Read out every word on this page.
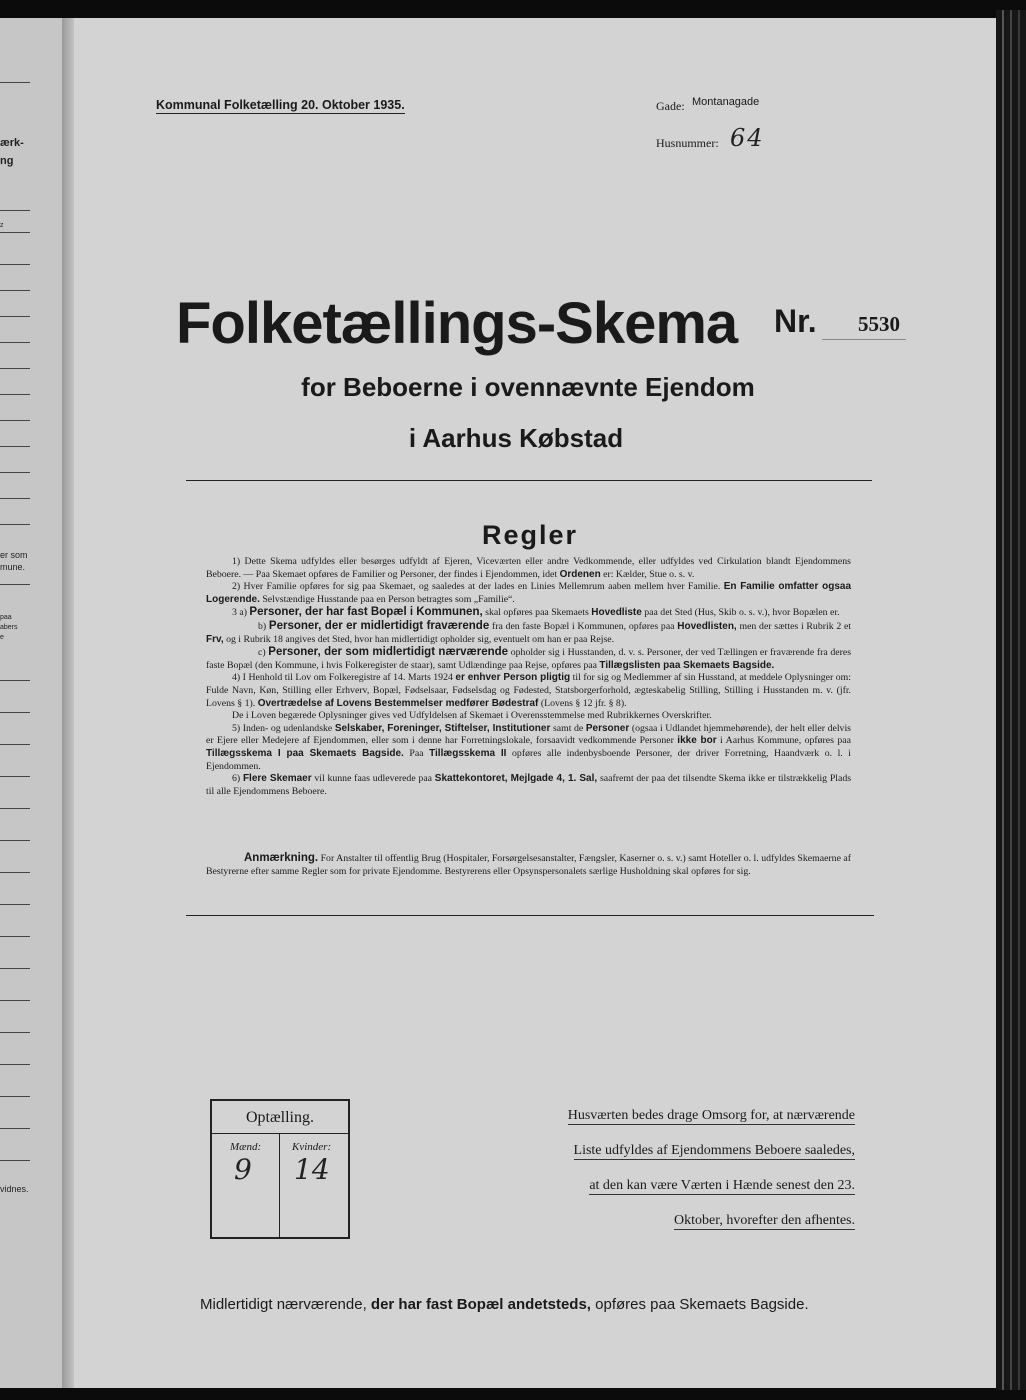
ærk-
ng
z
er som
mune.
paa
abers
e
vidnes.
Kommunal Folketælling 20. Oktober 1935.	Gade: Montanagade
Husnummer: 64
Folketællings-Skema Nr. 5530
for Beboerne i ovennævnte Ejendom
i Aarhus Købstad
Regler

1) Dette Skema udfyldes eller besørges udfyldt af Ejeren, Viceværten eller andre Vedkommende, eller udfyldes ved Cirkulation blandt Ejendommens Beboere. — Paa Skemaet opføres de Familier og Personer, der findes i Ejendommen, idet Ordenen er: Kælder, Stue o. s. v.

2) Hver Familie opføres for sig paa Skemaet, og saaledes at der lades en Linies Mellemrum aaben mellem hver Familie. En Familie omfatter ogsaa Logerende. Selvstændige Husstande paa en Person betragtes som „Familie“.

3 a) Personer, der har fast Bopæl i Kommunen, skal opføres paa Skemaets Hovedliste paa det Sted (Hus, Skib o. s. v.), hvor Bopælen er.

b) Personer, der er midlertidigt fraværende fra den faste Bopæl i Kommunen, opføres paa Hovedlisten, men der sættes i Rubrik 2 et Frv, og i Rubrik 18 angives det Sted, hvor han midlertidigt opholder sig, eventuelt om han er paa Rejse.

c) Personer, der som midlertidigt nærværende opholder sig i Husstanden, d. v. s. Personer, der ved Tællingen er fraværende fra deres faste Bopæl (den Kommune, i hvis Folkeregister de staar), samt Udlændinge paa Rejse, opføres paa Tillægslisten paa Skemaets Bagside.

4) I Henhold til Lov om Folkeregistre af 14. Marts 1924 er enhver Person pligtig til for sig og Medlemmer af sin Husstand, at meddele Oplysninger om: Fulde Navn, Køn, Stilling eller Erhverv, Bopæl, Fødselsaar, Fødselsdag og Fødested, Statsborgerforhold, ægteskabelig Stilling, Stilling i Husstanden m. v. (jfr. Lovens § 1). Overtrædelse af Lovens Bestemmelser medfører Bødestraf (Lovens § 12 jfr. § 8).

De i Loven begærede Oplysninger gives ved Udfyldelsen af Skemaet i Overensstemmelse med Rubrikkernes Overskrifter.

5) Inden- og udenlandske Selskaber, Foreninger, Stiftelser, Institutioner samt de Personer (ogsaa i Udlandet hjemmehørende), der helt eller delvis er Ejere eller Medejere af Ejendommen, eller som i denne har Forretningslokale, forsaavidt vedkommende Personer ikke bor i Aarhus Kommune, opføres paa Tillægsskema I paa Skemaets Bagside. Paa Tillægsskema II opføres alle indenbysboende Personer, der driver Forretning, Haandværk o. l. i Ejendommen.

6) Flere Skemaer vil kunne faas udleverede paa Skattekontoret, Mejlgade 4, 1. Sal, saafremt der paa det tilsendte Skema ikke er tilstrækkelig Plads til alle Ejendommens Beboere.

Anmærkning. For Anstalter til offentlig Brug (Hospitaler, Forsørgelsesanstalter, Fængsler, Kaserner o. s. v.) samt Hoteller o. l. udfyldes Skemaerne af Bestyrerne efter samme Regler som for private Ejendomme. Bestyrerens eller Opsynspersonalets særlige Husholdning skal opføres for sig.

Optælling.
Mænd:	Kvinder:
9 14
Husværten bedes drage Omsorg for, at nærværende
Liste udfyldes af Ejendommens Beboere saaledes,
at den kan være Værten i Hænde senest den 23.
Oktober, hvorefter den afhentes.
Midlertidigt nærværende, der har fast Bopæl andetsteds, opføres paa Skemaets Bagside.
